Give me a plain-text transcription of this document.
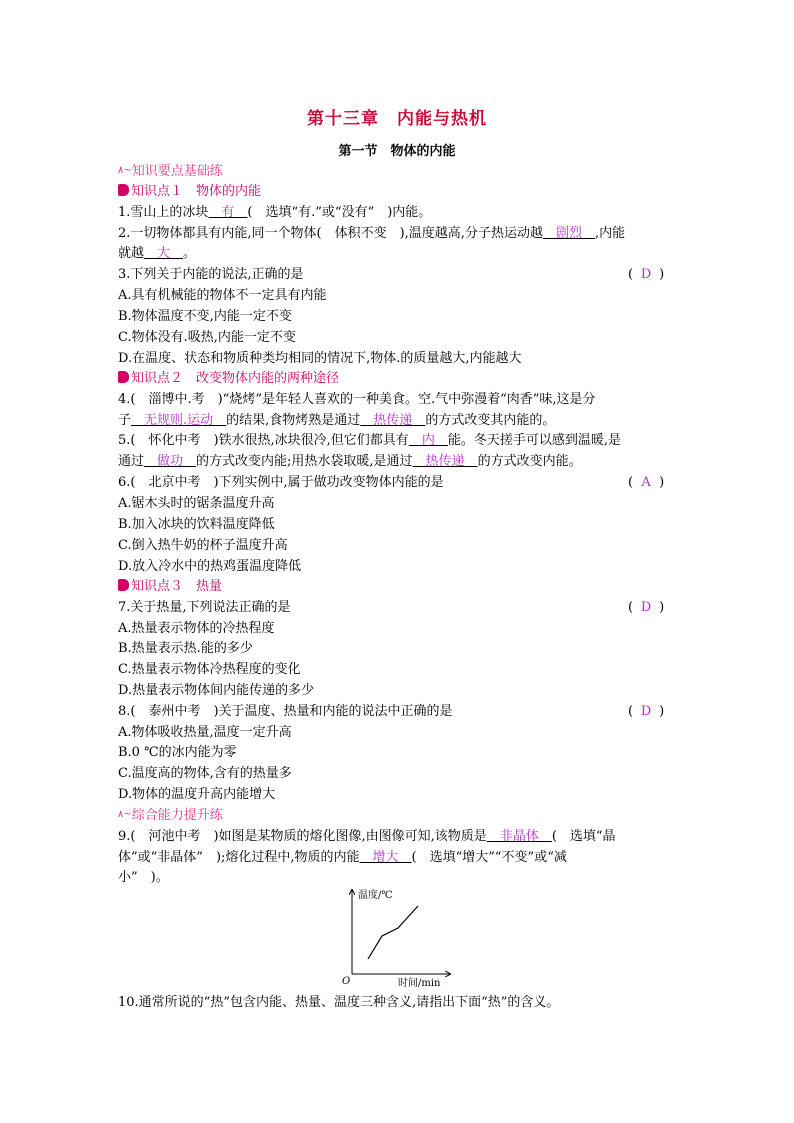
第十三章　内能与热机
第一节　物体的内能
٨~知识要点基础练
知识点１　物体的内能
1.雪山上的冰块　有　(　选填“有.”或“没有”　)内能。
2.一切物体都具有内能,同一个物体(　体积不变　),温度越高,分子热运动越　剧烈　,内能
就越　大　。
3.下列关于内能的说法,正确的是	( D )
A.具有机械能的物体不一定具有内能
B.物体温度不变,内能一定不变
C.物体没有.吸热,内能一定不变
D.在温度、状态和物质种类均相同的情况下,物体.的质量越大,内能越大
知识点２　改变物体内能的两种途径
4.(　淄博中.考　)“烧烤”是年轻人喜欢的一种美食。空.气中弥漫着“肉香”味,这是分
子　无规则.运动　的结果,食物烤熟是通过　热传递　的方式改变其内能的。
5.(　怀化中考　)铁水很热,冰块很冷,但它们都具有　内　能。冬天搓手可以感到温暖,是
通过　做功　的方式改变内能;用热水袋取暖,是通过　热传递　的方式改变内能。
6.(　北京中考　)下列实例中,属于做功改变物体内能的是	( A )
A.锯木头时的锯条温度升高
B.加入冰块的饮料温度降低
C.倒入热牛奶的杯子温度升高
D.放入冷水中的热鸡蛋温度降低
知识点３　热量
7.关于热量,下列说法正确的是	( D )
A.热量表示物体的冷热程度
B.热量表示热.能的多少
C.热量表示物体冷热程度的变化
D.热量表示物体间内能传递的多少
8.(　泰州中考　)关于温度、热量和内能的说法中正确的是	( D )
A.物体吸收热量,温度一定升高
B.0 ℃的冰内能为零
C.温度高的物体,含有的热量多
D.物体的温度升高内能增大
٨~综合能力提升练
9.(　河池中考　)如图是某物质的熔化图像,由图像可知,该物质是　非晶体　(　选填“晶
体”或“非晶体”　);熔化过程中,物质的内能　增大　(　选填“增大”“不变”或“减
小”　)。
温度/℃
时间/min
O
10.通常所说的“热”包含内能、热量、温度三种含义,请指出下面“热”的含义。
